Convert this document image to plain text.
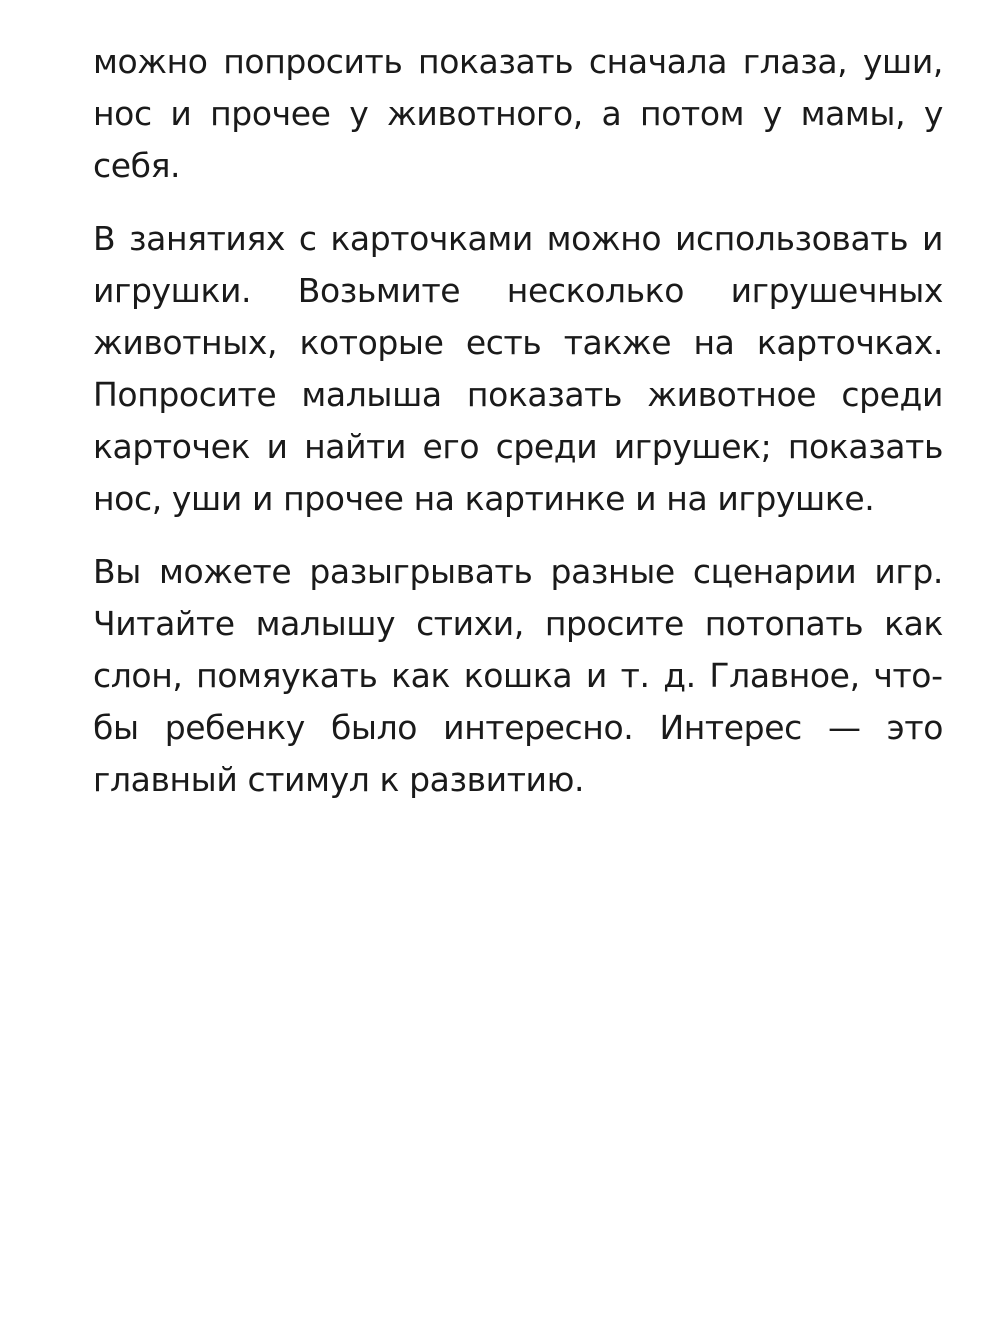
можно попросить показать сначала глаза, уши, нос и прочее у животного, а потом у мамы, у себя.

В занятиях с карточками можно использовать и игрушки. Возьмите несколько игрушечных животных, которые есть также на карточках. Попросите малыша показать животное среди карточек и найти его среди игрушек; показать нос, уши и прочее на картинке и на игрушке.

Вы можете разыгрывать разные сценарии игр. Читайте малышу стихи, просите потопать как слон, помяукать как кошка и т. д. Главное, чтобы ребенку было интересно. Интерес — это главный стимул к развитию.
